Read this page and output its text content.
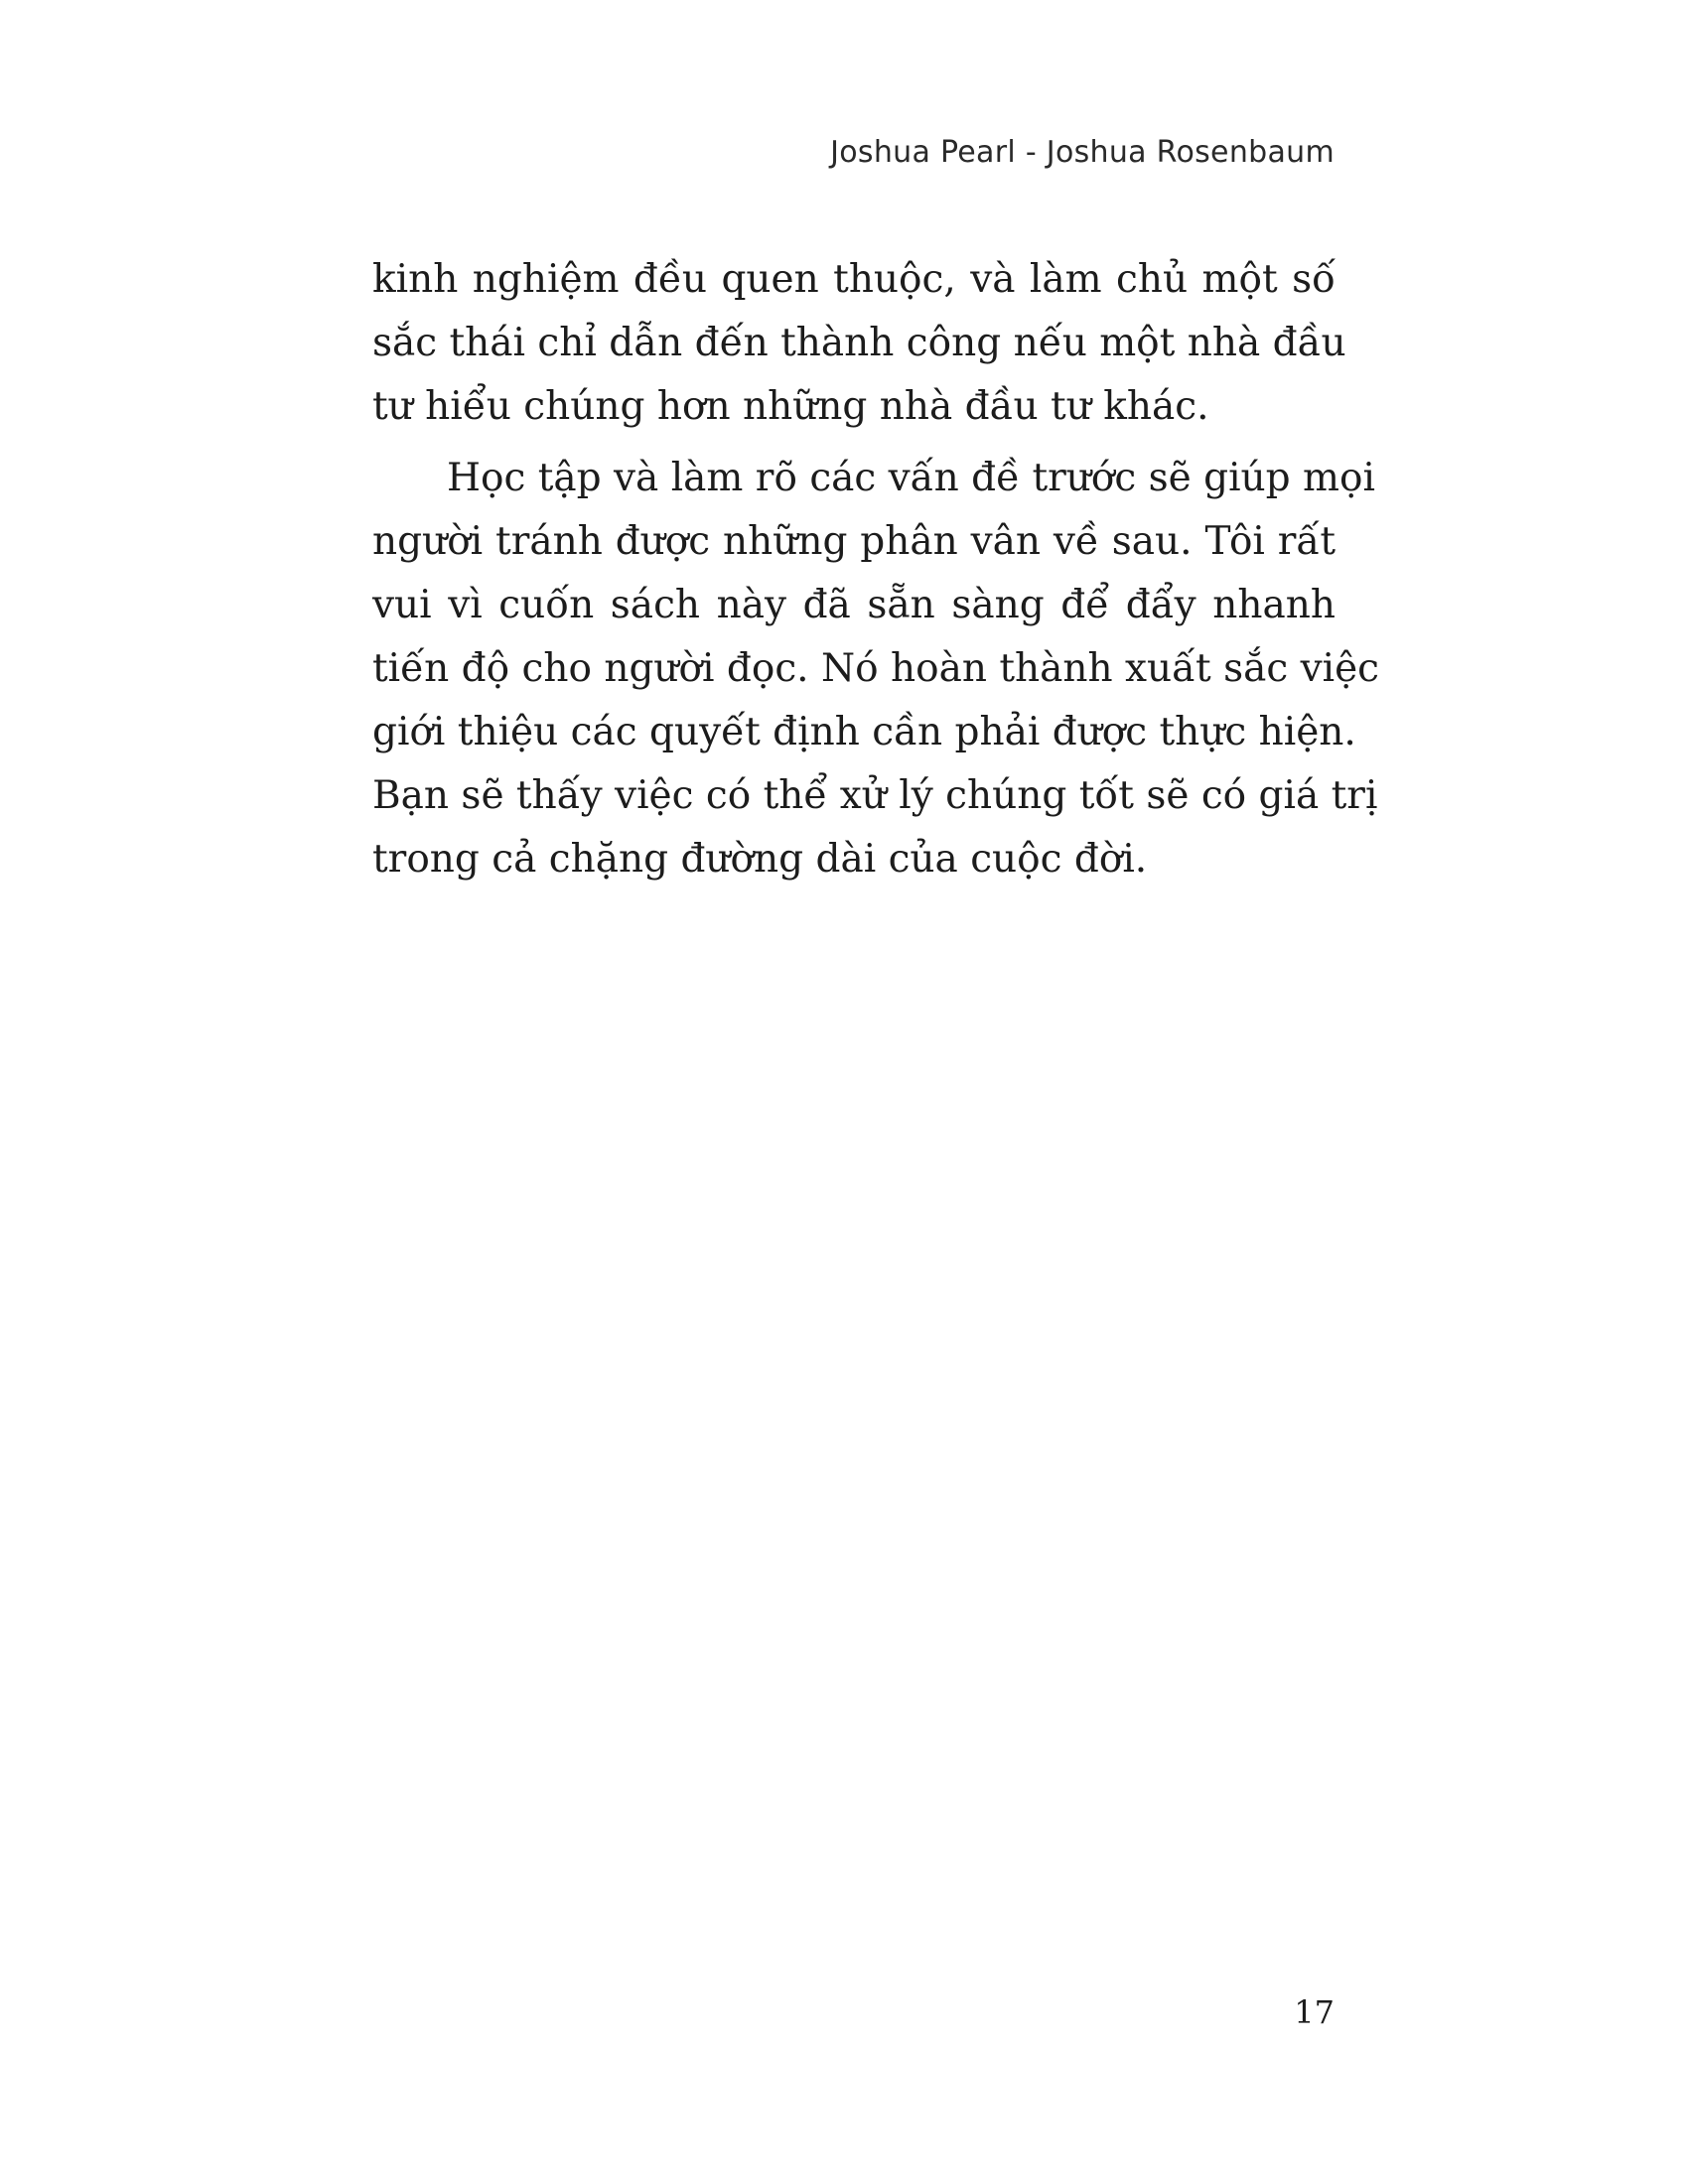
Joshua Pearl - Joshua Rosenbaum

kinh nghiệm đều quen thuộc, và làm chủ một số
sắc thái chỉ dẫn đến thành công nếu một nhà đầu
tư hiểu chúng hơn những nhà đầu tư khác.

Học tập và làm rõ các vấn đề trước sẽ giúp mọi
người tránh được những phân vân về sau. Tôi rất
vui vì cuốn sách này đã sẵn sàng để đẩy nhanh
tiến độ cho người đọc. Nó hoàn thành xuất sắc việc
giới thiệu các quyết định cần phải được thực hiện.
Bạn sẽ thấy việc có thể xử lý chúng tốt sẽ có giá trị
trong cả chặng đường dài của cuộc đời.

17
